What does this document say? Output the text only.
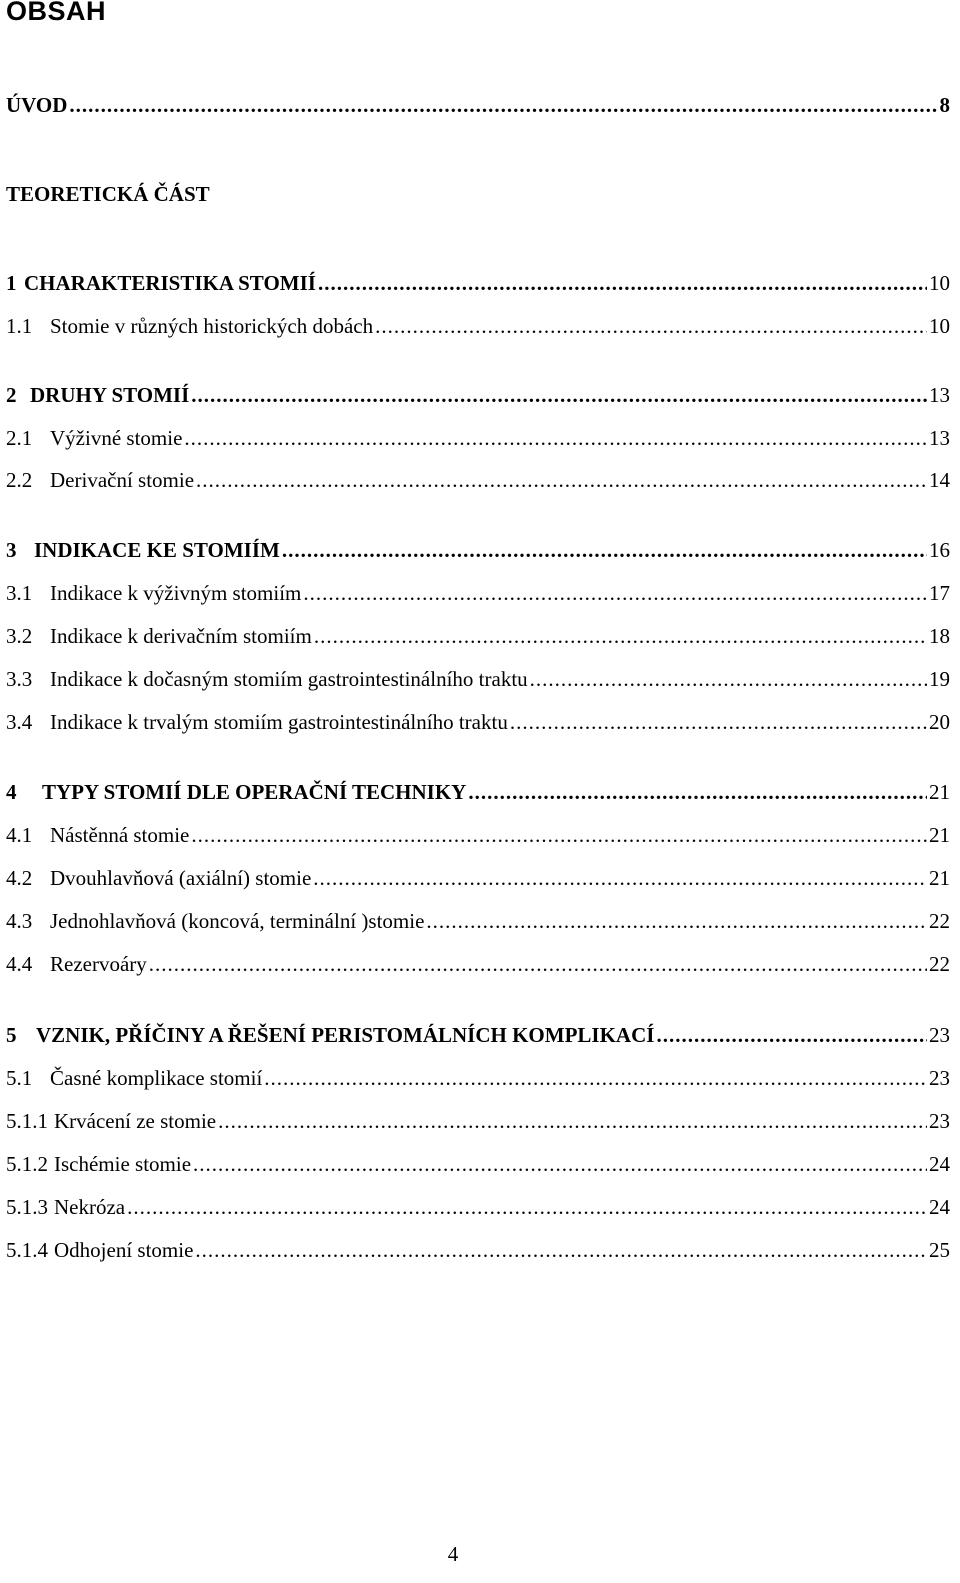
OBSAH
ÚVOD .....	8
TEORETICKÁ ČÁST
1 CHARAKTERISTIKA STOMIÍ .....	10
1.1 Stomie v různých historických dobách .....	10
2 DRUHY STOMIÍ .....	13
2.1 Výživné stomie .....	13
2.2 Derivační stomie .....	14
3 INDIKACE KE STOMIÍM .....	16
3.1 Indikace k výživným stomiím .....	17
3.2 Indikace k derivačním stomiím .....	18
3.3 Indikace k dočasným stomiím gastrointestinálního traktu .....	19
3.4 Indikace k trvalým stomiím gastrointestinálního traktu .....	20
4	TYPY STOMIÍ DLE OPERAČNÍ TECHNIKY .....	21
4.1 Nástěnná stomie .....	21
4.2 Dvouhlavňová (axiální) stomie .....	21
4.3 Jednohlavňová (koncová, terminální )stomie .....	22
4.4 Rezervoáry .....	22
5 VZNIK, PŘÍČINY A ŘEŠENÍ PERISTOMÁLNÍCH KOMPLIKACÍ .....	23
5.1 Časné komplikace stomií .....	23
5.1.1 Krvácení ze stomie .....	23
5.1.2 Ischémie stomie .....	24
5.1.3 Nekróza .....	24
5.1.4 Odhojení stomie .....	25
4
